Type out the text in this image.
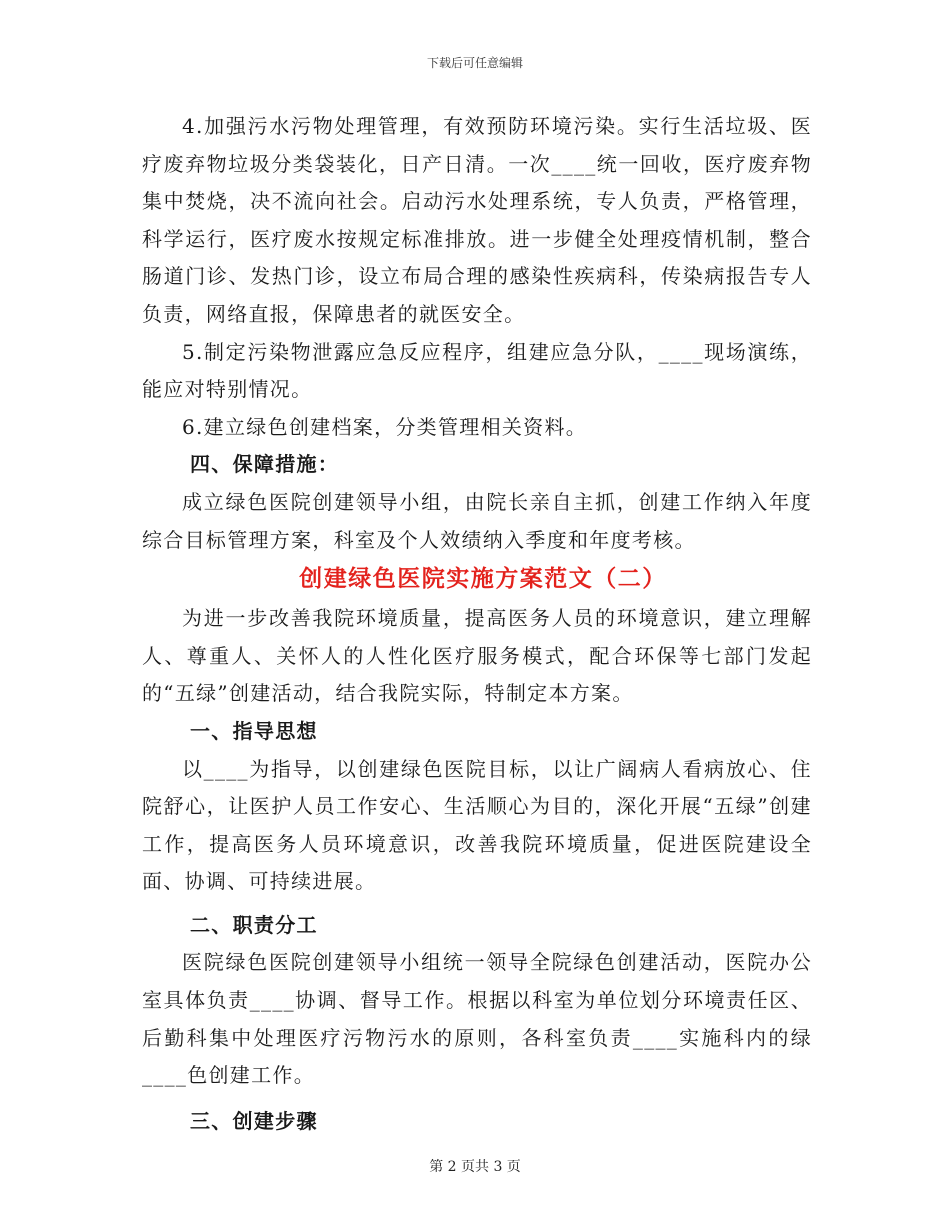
下载后可任意编辑

4.加强污水污物处理管理，有效预防环境污染。实行生活垃圾、医疗废弃物垃圾分类袋装化，日产日清。一次____统一回收，医疗废弃物集中焚烧，决不流向社会。启动污水处理系统，专人负责，严格管理，科学运行，医疗废水按规定标准排放。进一步健全处理疫情机制，整合肠道门诊、发热门诊，设立布局合理的感染性疾病科，传染病报告专人负责，网络直报，保障患者的就医安全。

5.制定污染物泄露应急反应程序，组建应急分队，____现场演练，能应对特别情况。

6.建立绿色创建档案，分类管理相关资料。

四、保障措施：

成立绿色医院创建领导小组，由院长亲自主抓，创建工作纳入年度综合目标管理方案，科室及个人效绩纳入季度和年度考核。

创建绿色医院实施方案范文（二）

为进一步改善我院环境质量，提高医务人员的环境意识，建立理解人、尊重人、关怀人的人性化医疗服务模式，配合环保等七部门发起的“五绿”创建活动，结合我院实际，特制定本方案。

一、指导思想

以____为指导，以创建绿色医院目标，以让广阔病人看病放心、住院舒心，让医护人员工作安心、生活顺心为目的，深化开展“五绿”创建工作，提高医务人员环境意识，改善我院环境质量，促进医院建设全面、协调、可持续进展。

二、职责分工

医院绿色医院创建领导小组统一领导全院绿色创建活动，医院办公室具体负责____协调、督导工作。根据以科室为单位划分环境责任区、后勤科集中处理医疗污物污水的原则，各科室负责____实施科内的绿____色创建工作。

三、创建步骤

第 2 页共 3 页
